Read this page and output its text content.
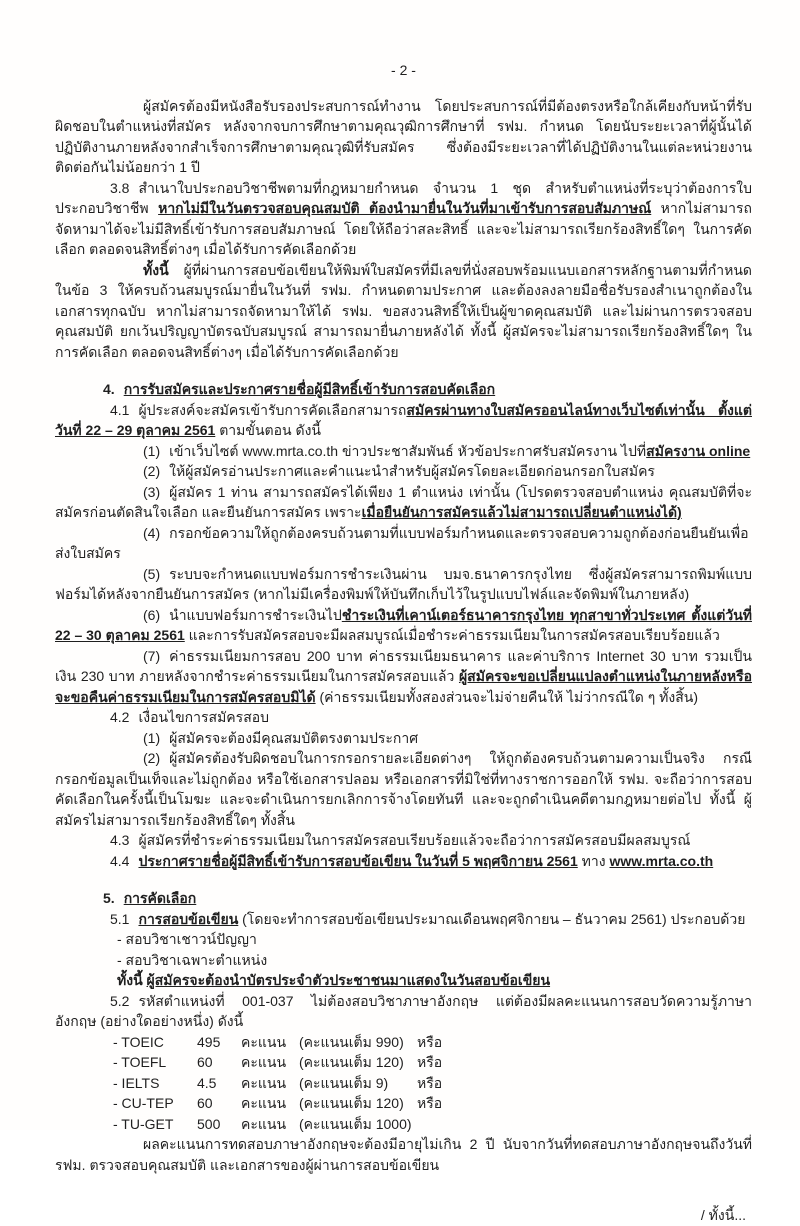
- 2 -

ผู้สมัครต้องมีหนังสือรับรองประสบการณ์ทำงาน โดยประสบการณ์ที่มีต้องตรงหรือใกล้เคียงกับหน้าที่รับผิดชอบในตำแหน่งที่สมัคร หลังจากจบการศึกษาตามคุณวุฒิการศึกษาที่ รฟม. กำหนด โดยนับระยะเวลาที่ผู้นั้นได้ปฏิบัติงานภายหลังจากสำเร็จการศึกษาตามคุณวุฒิที่รับสมัคร ซึ่งต้องมีระยะเวลาที่ได้ปฏิบัติงานในแต่ละหน่วยงานติดต่อกันไม่น้อยกว่า 1 ปี

3.8 สำเนาใบประกอบวิชาชีพตามที่กฎหมายกำหนด จำนวน 1 ชุด สำหรับตำแหน่งที่ระบุว่าต้องการใบประกอบวิชาชีพ หากไม่มีในวันตรวจสอบคุณสมบัติ ต้องนำมายื่นในวันที่มาเข้ารับการสอบสัมภาษณ์ หากไม่สามารถจัดหามาได้จะไม่มีสิทธิ์เข้ารับการสอบสัมภาษณ์ โดยให้ถือว่าสละสิทธิ์ และจะไม่สามารถเรียกร้องสิทธิ์ใดๆ ในการคัดเลือก ตลอดจนสิทธิ์ต่างๆ เมื่อได้รับการคัดเลือกด้วย

ทั้งนี้ ผู้ที่ผ่านการสอบข้อเขียนให้พิมพ์ใบสมัครที่มีเลขที่นั่งสอบพร้อมแนบเอกสารหลักฐานตามที่กำหนดในข้อ 3 ให้ครบถ้วนสมบูรณ์มายื่นในวันที่ รฟม. กำหนดตามประกาศ และต้องลงลายมือชื่อรับรองสำเนาถูกต้องในเอกสารทุกฉบับ หากไม่สามารถจัดหามาให้ได้ รฟม. ขอสงวนสิทธิ์ให้เป็นผู้ขาดคุณสมบัติ และไม่ผ่านการตรวจสอบคุณสมบัติ ยกเว้นปริญญาบัตรฉบับสมบูรณ์ สามารถมายื่นภายหลังได้ ทั้งนี้ ผู้สมัครจะไม่สามารถเรียกร้องสิทธิ์ใดๆ ในการคัดเลือก ตลอดจนสิทธิ์ต่างๆ เมื่อได้รับการคัดเลือกด้วย

4. การรับสมัครและประกาศรายชื่อผู้มีสิทธิ์เข้ารับการสอบคัดเลือก

4.1 ผู้ประสงค์จะสมัครเข้ารับการคัดเลือกสามารถสมัครผ่านทางใบสมัครออนไลน์ทางเว็บไซต์เท่านั้น ตั้งแต่วันที่ 22 – 29 ตุลาคม 2561 ตามขั้นตอน ดังนี้

(1) เข้าเว็บไซต์ www.mrta.co.th ข่าวประชาสัมพันธ์ หัวข้อประกาศรับสมัครงาน ไปที่สมัครงาน online

(2) ให้ผู้สมัครอ่านประกาศและคำแนะนำสำหรับผู้สมัครโดยละเอียดก่อนกรอกใบสมัคร

(3) ผู้สมัคร 1 ท่าน สามารถสมัครได้เพียง 1 ตำแหน่ง เท่านั้น (โปรดตรวจสอบตำแหน่ง คุณสมบัติที่จะสมัครก่อนตัดสินใจเลือก และยืนยันการสมัคร เพราะเมื่อยืนยันการสมัครแล้วไม่สามารถเปลี่ยนตำแหน่งได้)

(4) กรอกข้อความให้ถูกต้องครบถ้วนตามที่แบบฟอร์มกำหนดและตรวจสอบความถูกต้องก่อนยืนยันเพื่อส่งใบสมัคร

(5) ระบบจะกำหนดแบบฟอร์มการชำระเงินผ่าน บมจ.ธนาคารกรุงไทย ซึ่งผู้สมัครสามารถพิมพ์แบบฟอร์มได้หลังจากยืนยันการสมัคร (หากไม่มีเครื่องพิมพ์ให้บันทึกเก็บไว้ในรูปแบบไฟล์และจัดพิมพ์ในภายหลัง)

(6) นำแบบฟอร์มการชำระเงินไปชำระเงินที่เคาน์เตอร์ธนาคารกรุงไทย ทุกสาขาทั่วประเทศ ตั้งแต่วันที่ 22 – 30 ตุลาคม 2561 และการรับสมัครสอบจะมีผลสมบูรณ์เมื่อชำระค่าธรรมเนียมในการสมัครสอบเรียบร้อยแล้ว

(7) ค่าธรรมเนียมการสอบ 200 บาท ค่าธรรมเนียมธนาคาร และค่าบริการ Internet 30 บาท รวมเป็นเงิน 230 บาท ภายหลังจากชำระค่าธรรมเนียมในการสมัครสอบแล้ว ผู้สมัครจะขอเปลี่ยนแปลงตำแหน่งในภายหลังหรือจะขอคืนค่าธรรมเนียมในการสมัครสอบมิได้ (ค่าธรรมเนียมทั้งสองส่วนจะไม่จ่ายคืนให้ ไม่ว่ากรณีใด ๆ ทั้งสิ้น)

4.2 เงื่อนไขการสมัครสอบ

(1) ผู้สมัครจะต้องมีคุณสมบัติตรงตามประกาศ

(2) ผู้สมัครต้องรับผิดชอบในการกรอกรายละเอียดต่างๆ ให้ถูกต้องครบถ้วนตามความเป็นจริง กรณีกรอกข้อมูลเป็นเท็จและไม่ถูกต้อง หรือใช้เอกสารปลอม หรือเอกสารที่มิใช่ที่ทางราชการออกให้ รฟม. จะถือว่าการสอบคัดเลือกในครั้งนี้เป็นโมฆะ และจะดำเนินการยกเลิกการจ้างโดยทันที และจะถูกดำเนินคดีตามกฎหมายต่อไป ทั้งนี้ ผู้สมัครไม่สามารถเรียกร้องสิทธิ์ใดๆ ทั้งสิ้น

4.3 ผู้สมัครที่ชำระค่าธรรมเนียมในการสมัครสอบเรียบร้อยแล้วจะถือว่าการสมัครสอบมีผลสมบูรณ์

4.4 ประกาศรายชื่อผู้มีสิทธิ์เข้ารับการสอบข้อเขียน ในวันที่ 5 พฤศจิกายน 2561 ทาง www.mrta.co.th

5. การคัดเลือก

5.1 การสอบข้อเขียน (โดยจะทำการสอบข้อเขียนประมาณเดือนพฤศจิกายน – ธันวาคม 2561) ประกอบด้วย

- สอบวิชาเชาวน์ปัญญา

- สอบวิชาเฉพาะตำแหน่ง

ทั้งนี้ ผู้สมัครจะต้องนำบัตรประจำตัวประชาชนมาแสดงในวันสอบข้อเขียน

5.2 รหัสตำแหน่งที่ 001-037 ไม่ต้องสอบวิชาภาษาอังกฤษ แต่ต้องมีผลคะแนนการสอบวัดความรู้ภาษาอังกฤษ (อย่างใดอย่างหนึ่ง) ดังนี้

- TOEIC 495 คะแนน (คะแนนเต็ม 990) หรือ

- TOEFL 60 คะแนน (คะแนนเต็ม 120) หรือ

- IELTS	4.5 คะแนน (คะแนนเต็ม 9) หรือ

- CU-TEP 60 คะแนน (คะแนนเต็ม 120) หรือ

- TU-GET 500 คะแนน (คะแนนเต็ม 1000)

ผลคะแนนการทดสอบภาษาอังกฤษจะต้องมีอายุไม่เกิน 2 ปี นับจากวันที่ทดสอบภาษาอังกฤษจนถึงวันที่ รฟม. ตรวจสอบคุณสมบัติ และเอกสารของผู้ผ่านการสอบข้อเขียน

/ ทั้งนี้...
